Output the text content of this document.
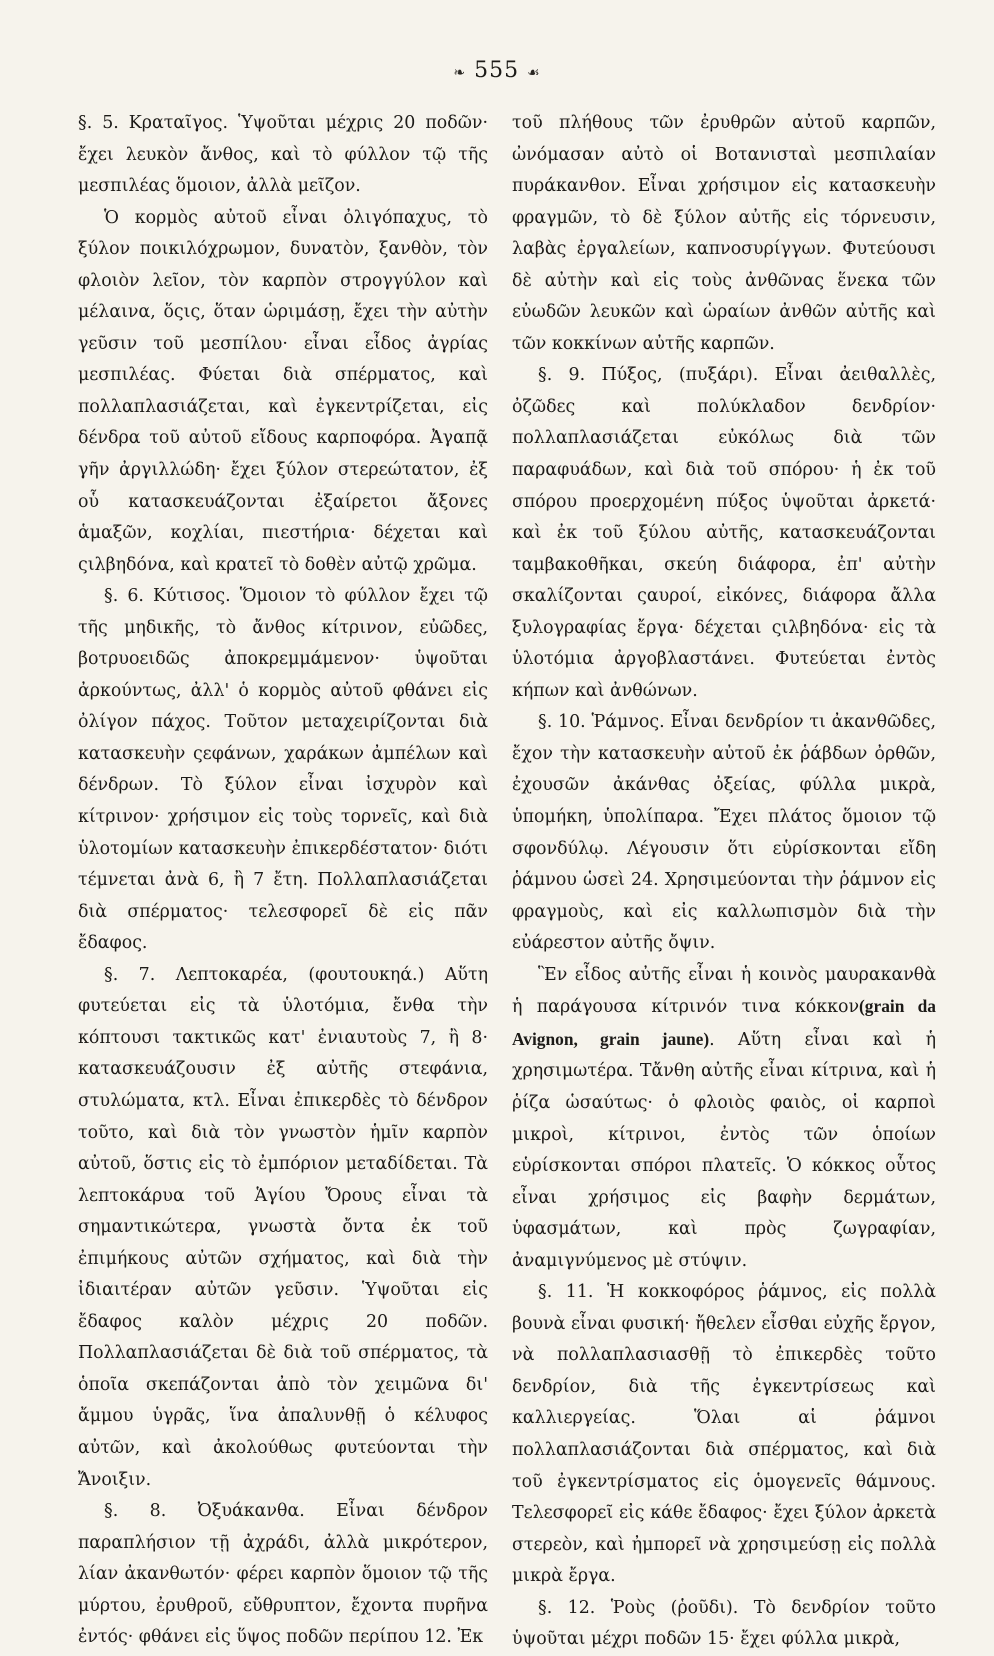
❧ 555 ☙

§. 5. Κραταῖγος. Ὑψοῦται μέχρις 20 ποδῶν· ἔχει λευκὸν ἄνθος, καὶ τὸ φύλλον τῷ τῆς μεσπιλέας ὅμοιον, ἀλλὰ μεῖζον.

Ὁ κορμὸς αὐτοῦ εἶναι ὀλιγόπαχυς, τὸ ξύλον ποικιλόχρωμον, δυνατὸν, ξανθὸν, τὸν φλοιὸν λεῖον, τὸν καρπὸν στρογγύλον καὶ μέλαινα, ὅςις, ὅταν ὡριμάσῃ, ἔχει τὴν αὐτὴν γεῦσιν τοῦ μεσπίλου· εἶναι εἶδος ἀγρίας μεσπιλέας. Φύεται διὰ σπέρματος, καὶ πολλαπλασιάζεται, καὶ ἐγκεντρίζεται, εἰς δένδρα τοῦ αὐτοῦ εἴδους καρποφόρα. Ἀγαπᾷ γῆν ἀργιλλώδη· ἔχει ξύλον στερεώτατον, ἐξ οὗ κατασκευάζονται ἐξαίρετοι ἄξονες ἁμαξῶν, κοχλίαι, πιεστήρια· δέχεται καὶ ςιλβηδόνα, καὶ κρατεῖ τὸ δοθὲν αὐτῷ χρῶμα.

§. 6. Κύτισος. Ὅμοιον τὸ φύλλον ἔχει τῷ τῆς μηδικῆς, τὸ ἄνθος κίτρινον, εὐῶδες, βοτρυοειδῶς ἀποκρεμμάμενον· ὑψοῦται ἀρκούντως, ἀλλ' ὁ κορμὸς αὐτοῦ φθάνει εἰς ὀλίγον πάχος. Τοῦτον μεταχειρίζονται διὰ κατασκευὴν ςεφάνων, χαράκων ἀμπέλων καὶ δένδρων. Τὸ ξύλον εἶναι ἰσχυρὸν καὶ κίτρινον· χρήσιμον εἰς τοὺς τορνεῖς, καὶ διὰ ὑλοτομίων κατασκευὴν ἐπικερδέστατον· διότι τέμνεται ἀνὰ 6, ἢ 7 ἔτη. Πολλαπλασιάζεται διὰ σπέρματος· τελεσφορεῖ δὲ εἰς πᾶν ἔδαφος.

§. 7. Λεπτοκαρέα, (φουτουκηά.) Αὕτη φυτεύεται εἰς τὰ ὑλοτόμια, ἔνθα τὴν κόπτουσι τακτικῶς κατ' ἐνιαυτοὺς 7, ἢ 8· κατασκευάζουσιν ἐξ αὐτῆς στεφάνια, στυλώματα, κτλ. Εἶναι ἐπικερδὲς τὸ δένδρον τοῦτο, καὶ διὰ τὸν γνωστὸν ἡμῖν καρπὸν αὐτοῦ, ὅστις εἰς τὸ ἐμπόριον μεταδίδεται. Τὰ λεπτοκάρυα τοῦ Ἁγίου Ὄρους εἶναι τὰ σημαντικώτερα, γνωστὰ ὄντα ἐκ τοῦ ἐπιμήκους αὐτῶν σχήματος, καὶ διὰ τὴν ἰδιαιτέραν αὐτῶν γεῦσιν. Ὑψοῦται εἰς ἔδαφος καλὸν μέχρις 20 ποδῶν. Πολλαπλασιάζεται δὲ διὰ τοῦ σπέρματος, τὰ ὁποῖα σκεπάζονται ἀπὸ τὸν χειμῶνα δι' ἄμμου ὑγρᾶς, ἵνα ἀπαλυνθῇ ὁ κέλυφος αὐτῶν, καὶ ἀκολούθως φυτεύονται τὴν Ἄνοιξιν.

§. 8. Ὀξυάκανθα. Εἶναι δένδρον παραπλήσιον τῇ ἀχράδι, ἀλλὰ μικρότερον, λίαν ἀκανθωτόν· φέρει καρπὸν ὅμοιον τῷ τῆς μύρτου, ἐρυθροῦ, εὔθρυπτον, ἔχοντα πυρῆνα ἐντός· φθάνει εἰς ὕψος ποδῶν περίπου 12. Ἐκ

τοῦ πλήθους τῶν ἐρυθρῶν αὐτοῦ καρπῶν, ὠνόμασαν αὐτὸ οἱ Βοτανισταὶ μεσπιλαίαν πυράκανθον. Εἶναι χρήσιμον εἰς κατασκευὴν φραγμῶν, τὸ δὲ ξύλον αὐτῆς εἰς τόρνευσιν, λαβὰς ἐργαλείων, καπνοσυρίγγων. Φυτεύουσι δὲ αὐτὴν καὶ εἰς τοὺς ἀνθῶνας ἕνεκα τῶν εὐωδῶν λευκῶν καὶ ὡραίων ἀνθῶν αὐτῆς καὶ τῶν κοκκίνων αὐτῆς καρπῶν.

§. 9. Πύξος, (πυξάρι). Εἶναι ἀειθαλλὲς, ὀζῶδες καὶ πολύκλαδον δενδρίον· πολλαπλασιάζεται εὐκόλως διὰ τῶν παραφυάδων, καὶ διὰ τοῦ σπόρου· ἡ ἐκ τοῦ σπόρου προερχομένη πύξος ὑψοῦται ἀρκετά· καὶ ἐκ τοῦ ξύλου αὐτῆς, κατασκευάζονται ταμβακοθῆκαι, σκεύη διάφορα, ἐπ' αὐτὴν σκαλίζονται ςαυροί, εἰκόνες, διάφορα ἄλλα ξυλογραφίας ἔργα· δέχεται ςιλβηδόνα· εἰς τὰ ὑλοτόμια ἀργοβλαστάνει. Φυτεύεται ἐντὸς κήπων καὶ ἀνθώνων.

§. 10. Ῥάμνος. Εἶναι δενδρίον τι ἀκανθῶδες, ἔχον τὴν κατασκευὴν αὐτοῦ ἐκ ῥάβδων ὀρθῶν, ἐχουσῶν ἀκάνθας ὀξείας, φύλλα μικρὰ, ὑπομήκη, ὑπολίπαρα. Ἔχει πλάτος ὅμοιον τῷ σφονδύλῳ. Λέγουσιν ὅτι εὑρίσκονται εἴδη ῥάμνου ὡσεὶ 24. Χρησιμεύονται τὴν ῥάμνον εἰς φραγμοὺς, καὶ εἰς καλλωπισμὸν διὰ τὴν εὐάρεστον αὐτῆς ὄψιν.

Ἓν εἶδος αὐτῆς εἶναι ἡ κοινὸς μαυρακανθὰ ἡ παράγουσα κίτρινόν τινα κόκκον(grain da Avignon, grain jaune). Αὕτη εἶναι καὶ ἡ χρησιμωτέρα. Τἄνθη αὐτῆς εἶναι κίτρινα, καὶ ἡ ῥίζα ὡσαύτως· ὁ φλοιὸς φαιὸς, οἱ καρποὶ μικροὶ, κίτρινοι, ἐντὸς τῶν ὁποίων εὑρίσκονται σπόροι πλατεῖς. Ὁ κόκκος οὗτος εἶναι χρήσιμος εἰς βαφὴν δερμάτων, ὑφασμάτων, καὶ πρὸς ζωγραφίαν, ἀναμιγνύμενος μὲ στύψιν.

§. 11. Ἡ κοκκοφόρος ῥάμνος, εἰς πολλὰ βουνὰ εἶναι φυσική· ἤθελεν εἶσθαι εὐχῆς ἔργον, νὰ πολλαπλασιασθῇ τὸ ἐπικερδὲς τοῦτο δενδρίον, διὰ τῆς ἐγκεντρίσεως καὶ καλλιεργείας. Ὅλαι αἱ ῥάμνοι πολλαπλασιάζονται διὰ σπέρματος, καὶ διὰ τοῦ ἐγκεντρίσματος εἰς ὁμογενεῖς θάμνους. Τελεσφορεῖ εἰς κάθε ἔδαφος· ἔχει ξύλον ἀρκετὰ στερεὸν, καὶ ἠμπορεῖ νὰ χρησιμεύσῃ εἰς πολλὰ μικρὰ ἔργα.

§. 12. Ῥοὺς (ῥοῦδι). Τὸ δενδρίον τοῦτο ὑψοῦται μέχρι ποδῶν 15· ἔχει φύλλα μικρὰ,
